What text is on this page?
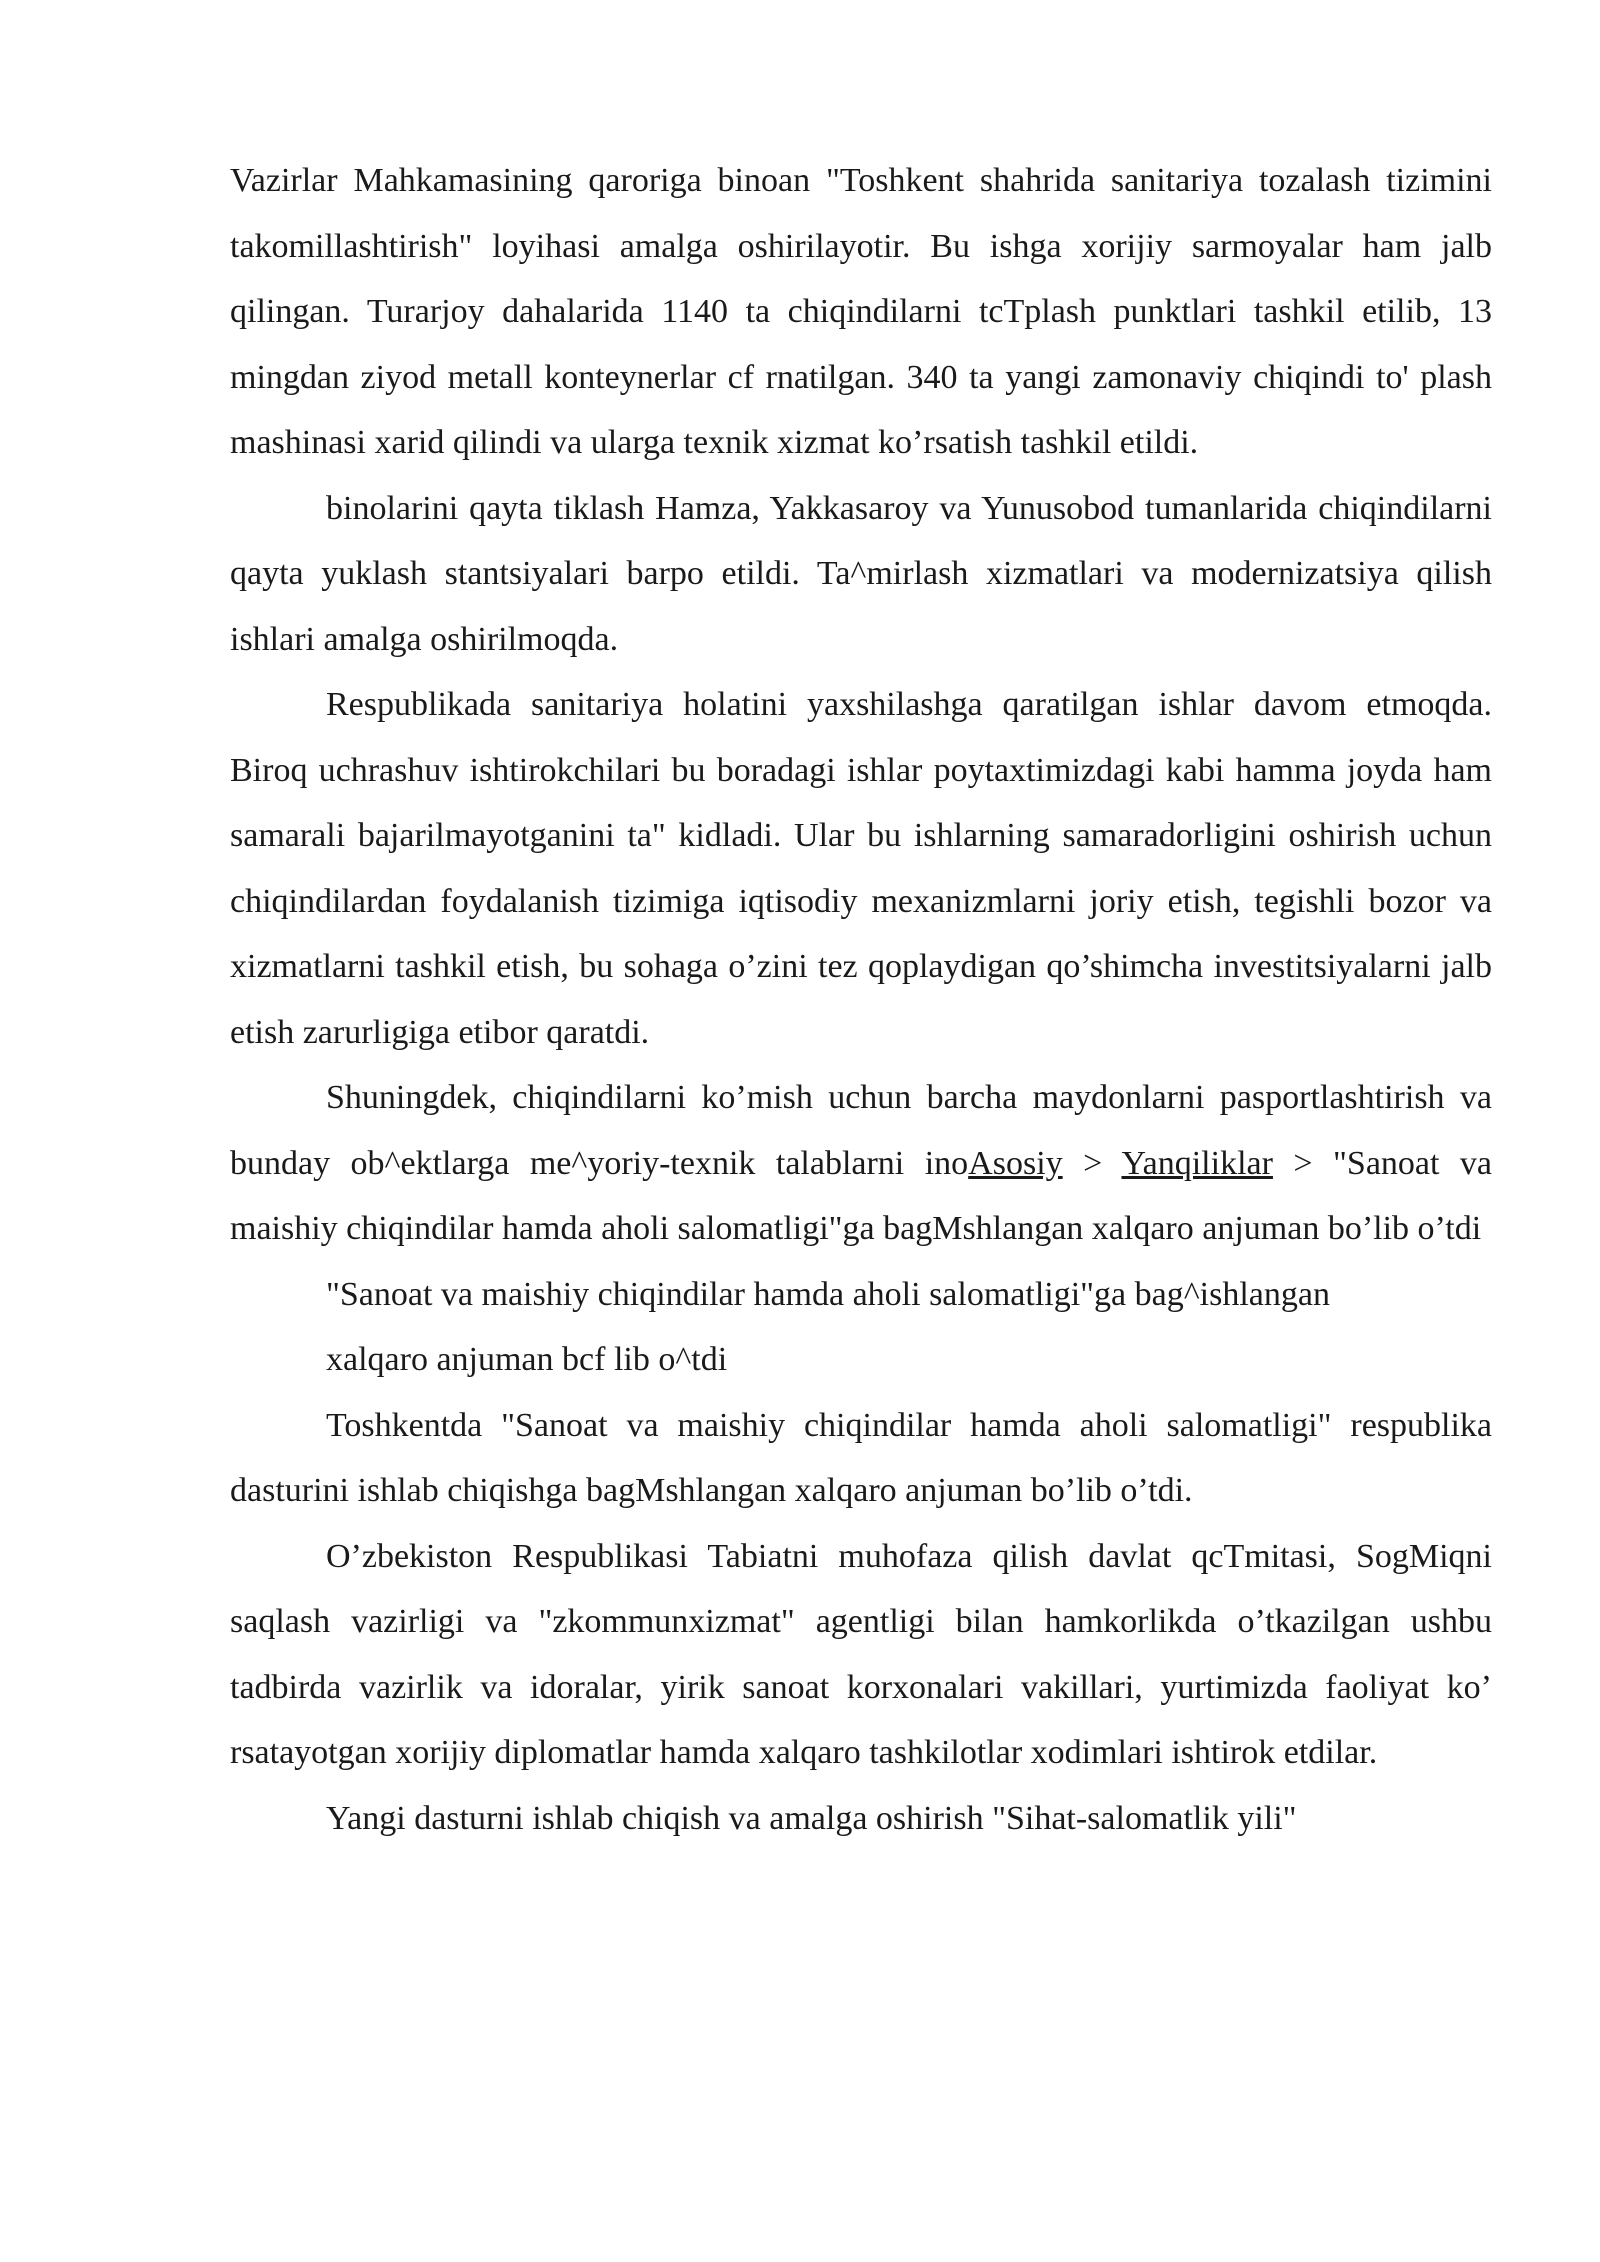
Vazirlar Mahkamasining qaroriga binoan "Toshkent shahrida sanitariya tozalash tizimini takomillashtirish" loyihasi amalga oshirilayotir. Bu ishga xorijiy sarmoyalar ham jalb qilingan. Turarjoy dahalarida 1140 ta chiqindilarni tcTplash punktlari tashkil etilib, 13 mingdan ziyod metall konteynerlar cf rnatilgan. 340 ta yangi zamonaviy chiqindi to' plash mashinasi xarid qilindi va ularga texnik xizmat ko’rsatish tashkil etildi.

binolarini qayta tiklash Hamza, Yakkasaroy va Yunusobod tumanlarida chiqindilarni qayta yuklash stantsiyalari barpo etildi. Ta^mirlash xizmatlari va modernizatsiya qilish ishlari amalga oshirilmoqda.

Respublikada sanitariya holatini yaxshilashga qaratilgan ishlar davom etmoqda. Biroq uchrashuv ishtirokchilari bu boradagi ishlar poytaxtimizdagi kabi hamma joyda ham samarali bajarilmayotganini ta" kidladi. Ular bu ishlarning samaradorligini oshirish uchun chiqindilardan foydalanish tizimiga iqtisodiy mexanizmlarni joriy etish, tegishli bozor va xizmatlarni tashkil etish, bu sohaga o’zini tez qoplaydigan qo’shimcha investitsiyalarni jalb etish zarurligiga etibor qaratdi.

Shuningdek, chiqindilarni ko’mish uchun barcha maydonlarni pasportlashtirish va bunday ob^ektlarga me^yoriy-texnik talablarni inoAsosiy > Yanqiliklar > "Sanoat va maishiy chiqindilar hamda aholi salomatligi"ga bagMshlangan xalqaro anjuman bo’lib o’tdi

"Sanoat va maishiy chiqindilar hamda aholi salomatligi"ga bag^ishlangan

xalqaro anjuman bcf lib o^tdi

Toshkentda "Sanoat va maishiy chiqindilar hamda aholi salomatligi" respublika dasturini ishlab chiqishga bagMshlangan xalqaro anjuman bo’lib o’tdi.

O’zbekiston Respublikasi Tabiatni muhofaza qilish davlat qcTmitasi, SogMiqni saqlash vazirligi va "zkommunxizmat" agentligi bilan hamkorlikda o’tkazilgan ushbu tadbirda vazirlik va idoralar, yirik sanoat korxonalari vakillari, yurtimizda faoliyat ko’ rsatayotgan xorijiy diplomatlar hamda xalqaro tashkilotlar xodimlari ishtirok etdilar.

Yangi dasturni ishlab chiqish va amalga oshirish "Sihat-salomatlik yili"
